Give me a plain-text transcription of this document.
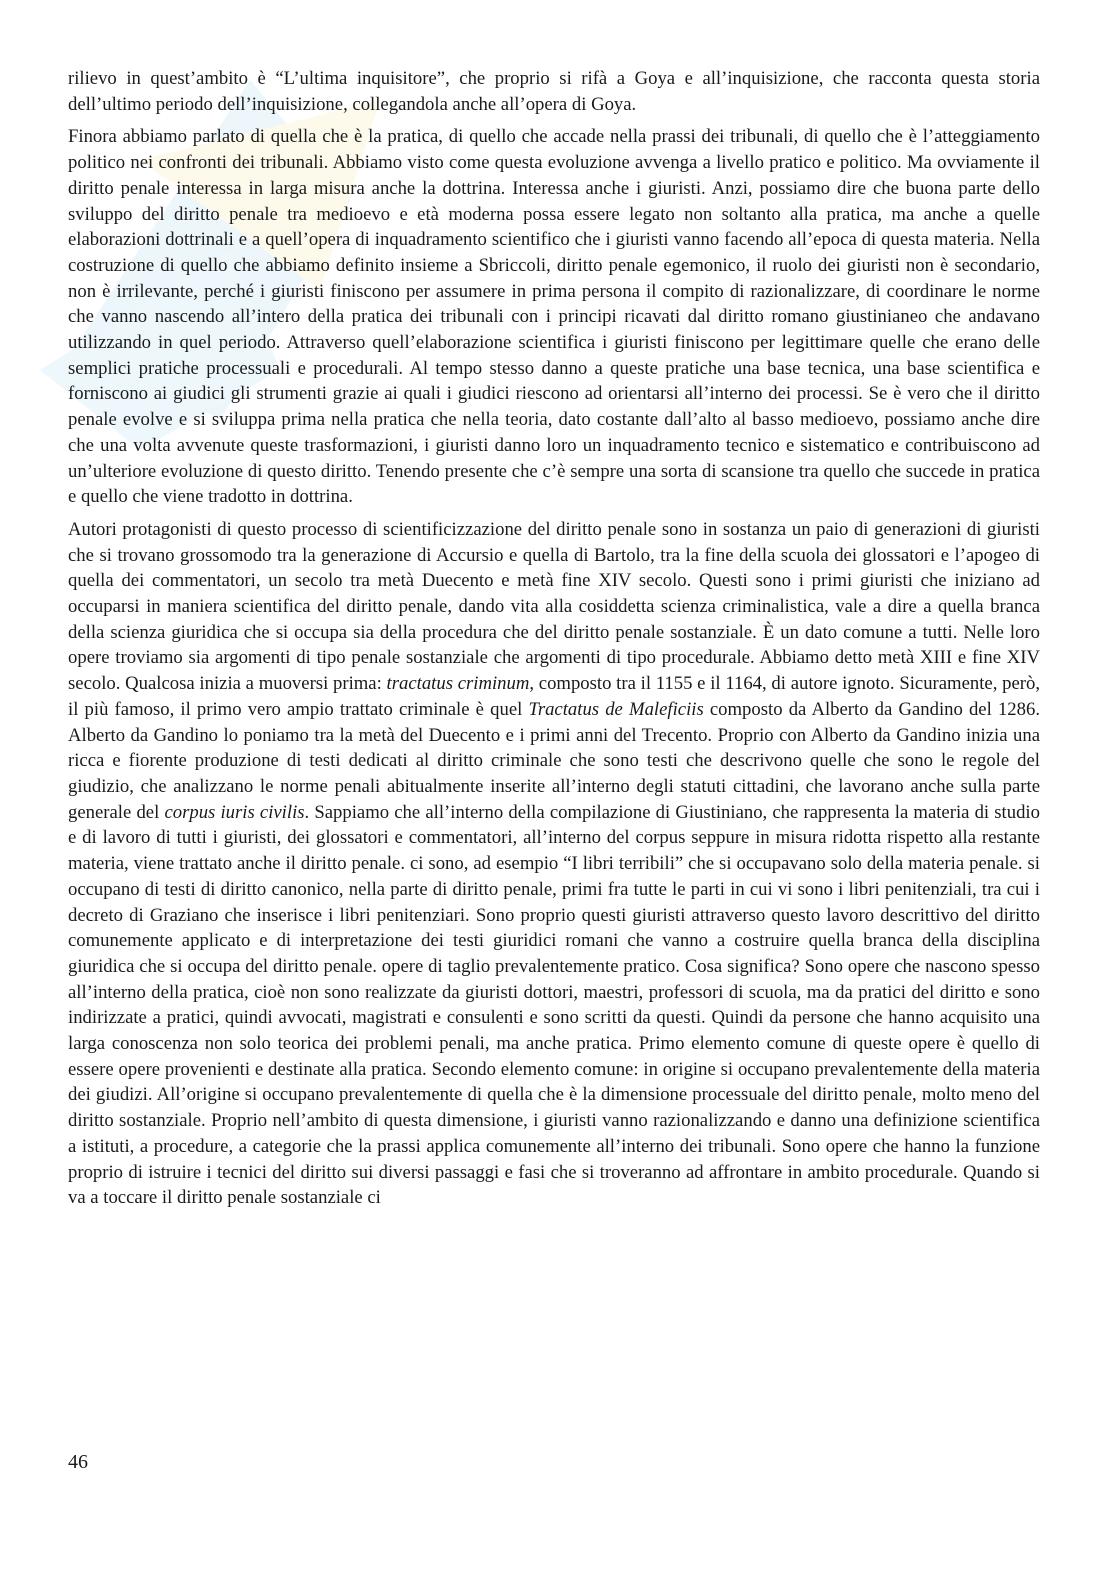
rilievo in quest’ambito è “L’ultima inquisitore”, che proprio si rifà a Goya e all’inquisizione, che racconta questa storia dell’ultimo periodo dell’inquisizione, collegandola anche all’opera di Goya.

Finora abbiamo parlato di quella che è la pratica, di quello che accade nella prassi dei tribunali, di quello che è l’atteggiamento politico nei confronti dei tribunali. Abbiamo visto come questa evoluzione avvenga a livello pratico e politico. Ma ovviamente il diritto penale interessa in larga misura anche la dottrina. Interessa anche i giuristi. Anzi, possiamo dire che buona parte dello sviluppo del diritto penale tra medioevo e età moderna possa essere legato non soltanto alla pratica, ma anche a quelle elaborazioni dottrinali e a quell’opera di inquadramento scientifico che i giuristi vanno facendo all’epoca di questa materia. Nella costruzione di quello che abbiamo definito insieme a Sbriccoli, diritto penale egemonico, il ruolo dei giuristi non è secondario, non è irrilevante, perché i giuristi finiscono per assumere in prima persona il compito di razionalizzare, di coordinare le norme che vanno nascendo all’intero della pratica dei tribunali con i principi ricavati dal diritto romano giustinianeo che andavano utilizzando in quel periodo. Attraverso quell’elaborazione scientifica i giuristi finiscono per legittimare quelle che erano delle semplici pratiche processuali e procedurali. Al tempo stesso danno a queste pratiche una base tecnica, una base scientifica e forniscono ai giudici gli strumenti grazie ai quali i giudici riescono ad orientarsi all’interno dei processi. Se è vero che il diritto penale evolve e si sviluppa prima nella pratica che nella teoria, dato costante dall’alto al basso medioevo, possiamo anche dire che una volta avvenute queste trasformazioni, i giuristi danno loro un inquadramento tecnico e sistematico e contribuiscono ad un’ulteriore evoluzione di questo diritto. Tenendo presente che c’è sempre una sorta di scansione tra quello che succede in pratica e quello che viene tradotto in dottrina.

Autori protagonisti di questo processo di scientificizzazione del diritto penale sono in sostanza un paio di generazioni di giuristi che si trovano grossomodo tra la generazione di Accursio e quella di Bartolo, tra la fine della scuola dei glossatori e l’apogeo di quella dei commentatori, un secolo tra metà Duecento e metà fine XIV secolo. Questi sono i primi giuristi che iniziano ad occuparsi in maniera scientifica del diritto penale, dando vita alla cosiddetta scienza criminalistica, vale a dire a quella branca della scienza giuridica che si occupa sia della procedura che del diritto penale sostanziale. È un dato comune a tutti. Nelle loro opere troviamo sia argomenti di tipo penale sostanziale che argomenti di tipo procedurale. Abbiamo detto metà XIII e fine XIV secolo. Qualcosa inizia a muoversi prima: tractatus criminum, composto tra il 1155 e il 1164, di autore ignoto. Sicuramente, però, il più famoso, il primo vero ampio trattato criminale è quel Tractatus de Maleficiis composto da Alberto da Gandino del 1286. Alberto da Gandino lo poniamo tra la metà del Duecento e i primi anni del Trecento. Proprio con Alberto da Gandino inizia una ricca e fiorente produzione di testi dedicati al diritto criminale che sono testi che descrivono quelle che sono le regole del giudizio, che analizzano le norme penali abitualmente inserite all’interno degli statuti cittadini, che lavorano anche sulla parte generale del corpus iuris civilis. Sappiamo che all’interno della compilazione di Giustiniano, che rappresenta la materia di studio e di lavoro di tutti i giuristi, dei glossatori e commentatori, all’interno del corpus seppure in misura ridotta rispetto alla restante materia, viene trattato anche il diritto penale. ci sono, ad esempio “I libri terribili” che si occupavano solo della materia penale. si occupano di testi di diritto canonico, nella parte di diritto penale, primi fra tutte le parti in cui vi sono i libri penitenziali, tra cui i decreto di Graziano che inserisce i libri penitenziari. Sono proprio questi giuristi attraverso questo lavoro descrittivo del diritto comunemente applicato e di interpretazione dei testi giuridici romani che vanno a costruire quella branca della disciplina giuridica che si occupa del diritto penale. opere di taglio prevalentemente pratico. Cosa significa? Sono opere che nascono spesso all’interno della pratica, cioè non sono realizzate da giuristi dottori, maestri, professori di scuola, ma da pratici del diritto e sono indirizzate a pratici, quindi avvocati, magistrati e consulenti e sono scritti da questi. Quindi da persone che hanno acquisito una larga conoscenza non solo teorica dei problemi penali, ma anche pratica. Primo elemento comune di queste opere è quello di essere opere provenienti e destinate alla pratica. Secondo elemento comune: in origine si occupano prevalentemente della materia dei giudizi. All’origine si occupano prevalentemente di quella che è la dimensione processuale del diritto penale, molto meno del diritto sostanziale. Proprio nell’ambito di questa dimensione, i giuristi vanno razionalizzando e danno una definizione scientifica a istituti, a procedure, a categorie che la prassi applica comunemente all’interno dei tribunali. Sono opere che hanno la funzione proprio di istruire i tecnici del diritto sui diversi passaggi e fasi che si troveranno ad affrontare in ambito procedurale. Quando si va a toccare il diritto penale sostanziale ci

46
